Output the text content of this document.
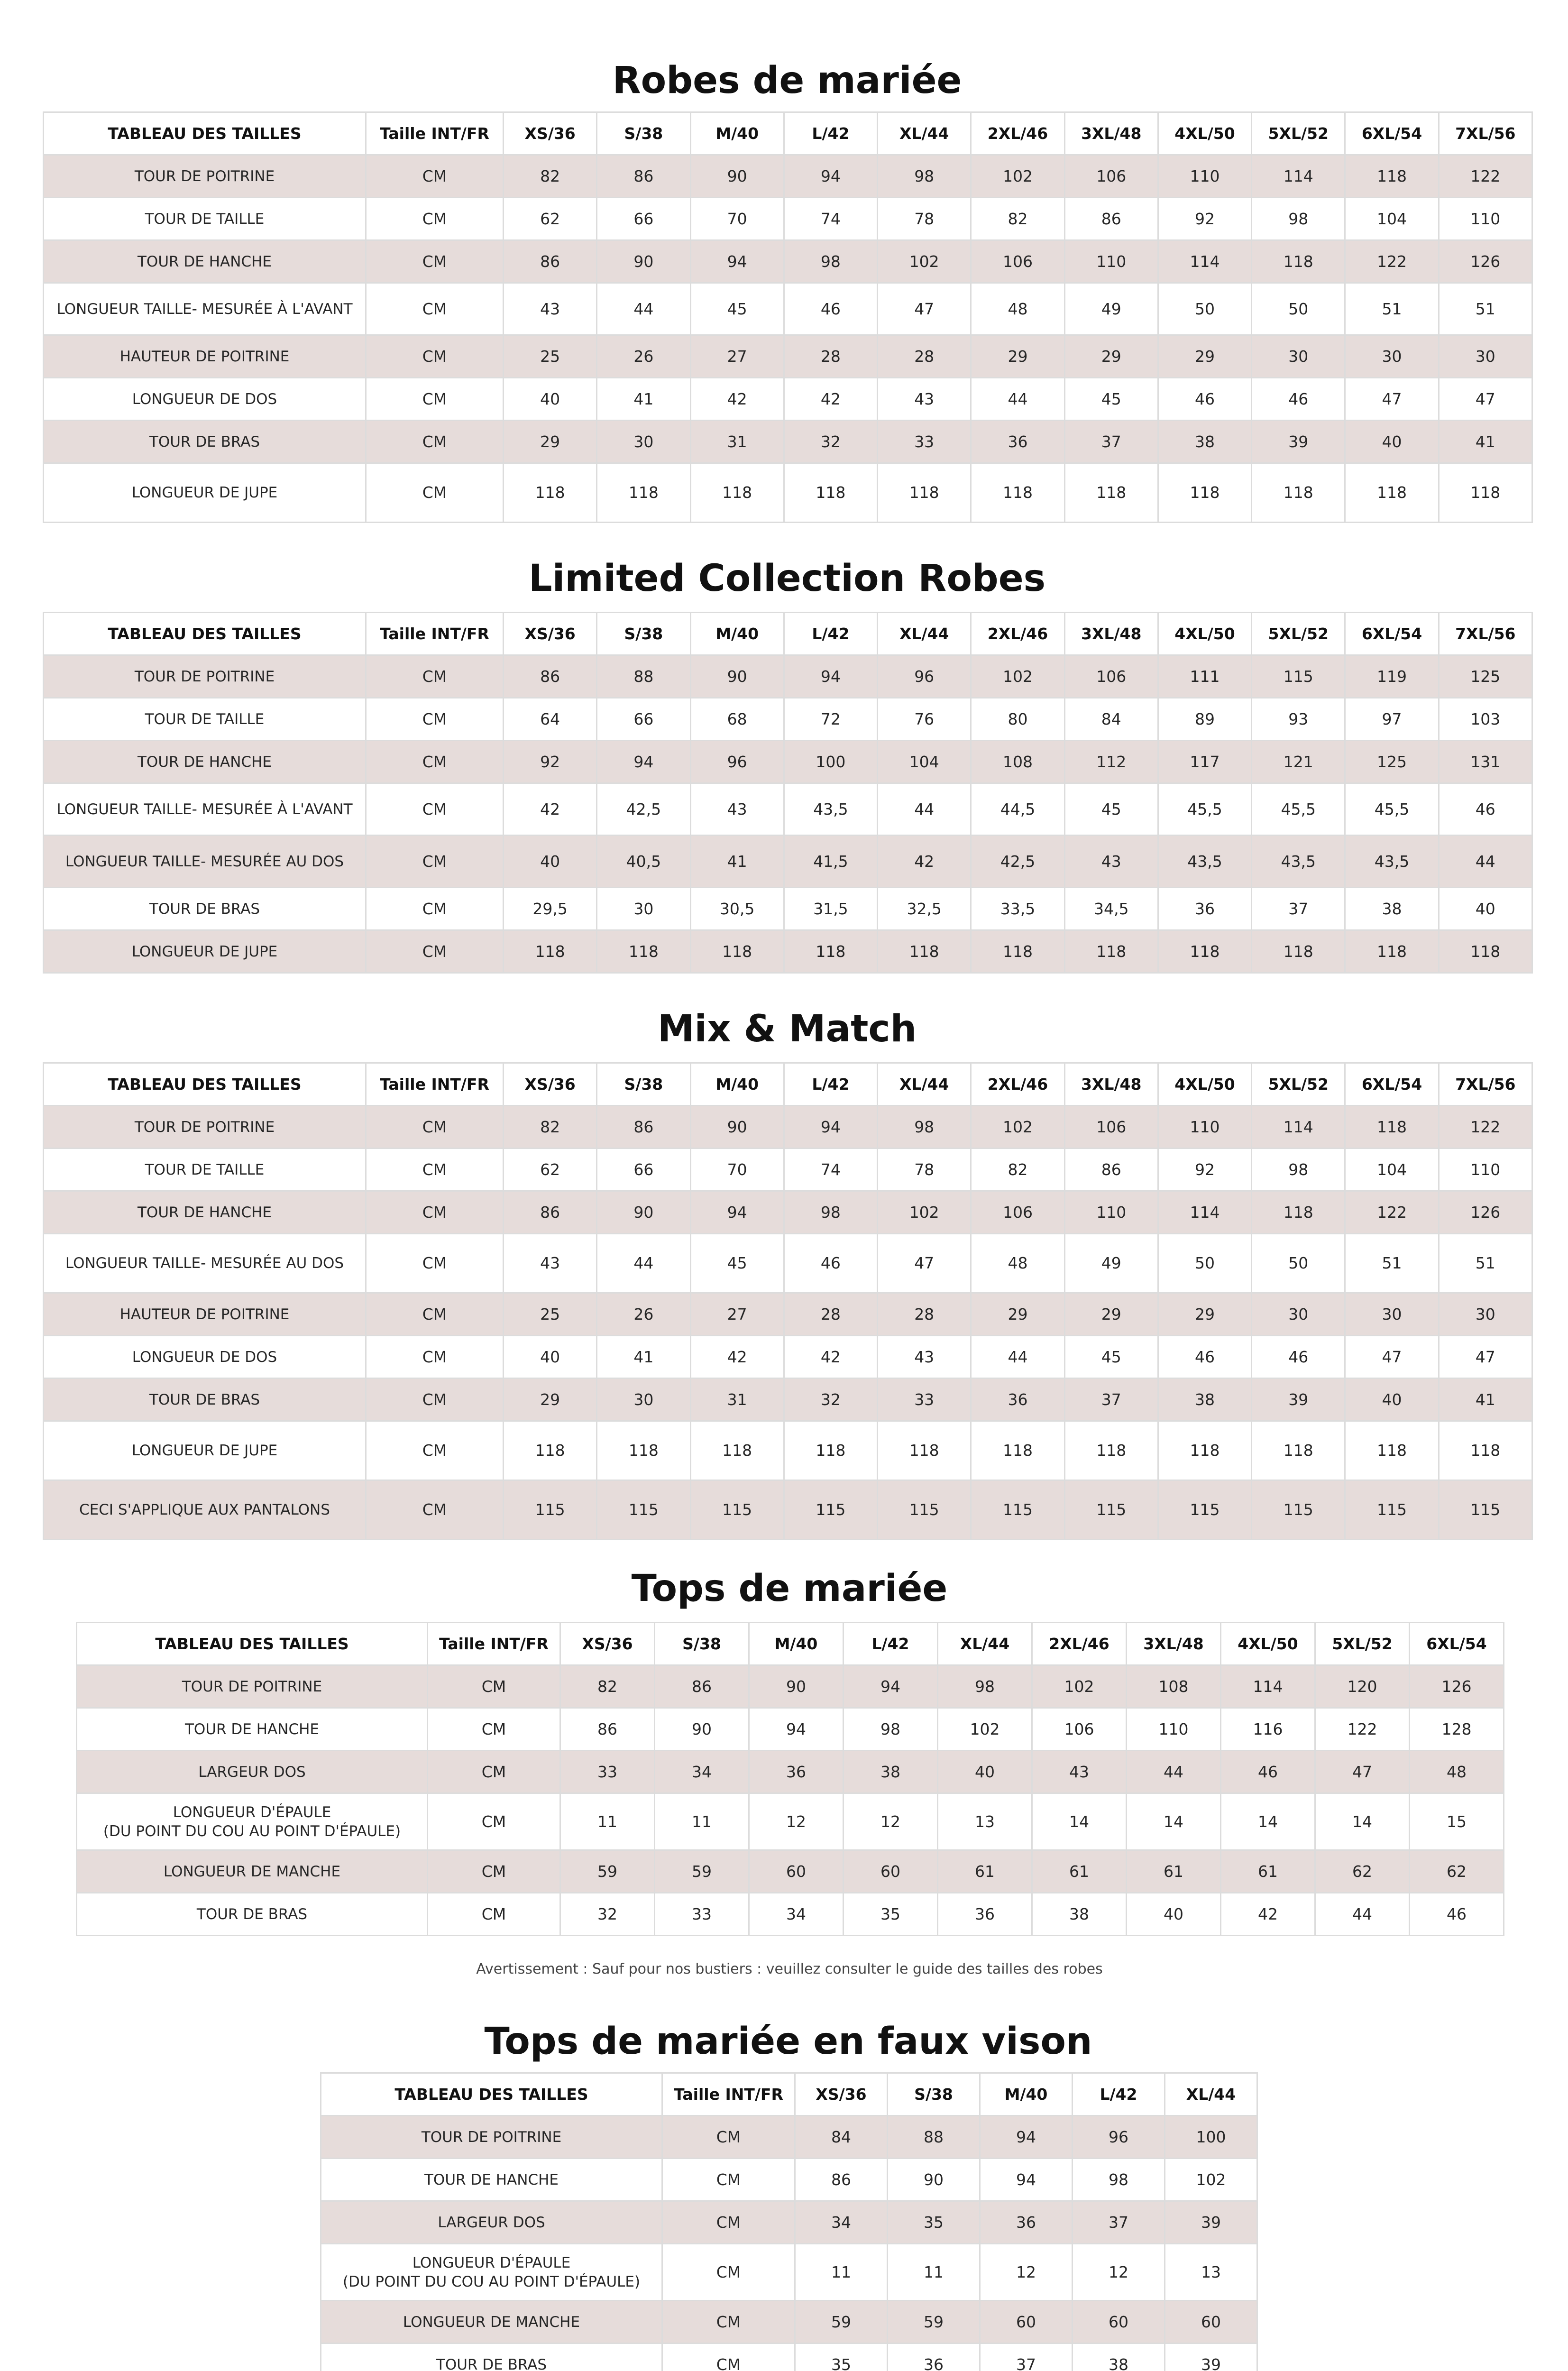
Robes de mariée
TABLEAU DES TAILLES	Taille INT/FR	XS/36	S/38	M/40	L/42	XL/44	2XL/46	3XL/48	4XL/50	5XL/52	6XL/54	7XL/56
TOUR DE POITRINE	CM	82	86	90	94	98	102	106	110	114	118	122
TOUR DE TAILLE	CM	62	66	70	74	78	82	86	92	98	104	110
TOUR DE HANCHE	CM	86	90	94	98	102	106	110	114	118	122	126
LONGUEUR TAILLE- MESURÉE À L'AVANT	CM	43	44	45	46	47	48	49	50	50	51	51
HAUTEUR DE POITRINE	CM	25	26	27	28	28	29	29	29	30	30	30
LONGUEUR DE DOS	CM	40	41	42	42	43	44	45	46	46	47	47
TOUR DE BRAS	CM	29	30	31	32	33	36	37	38	39	40	41
LONGUEUR DE JUPE	CM	118	118	118	118	118	118	118	118	118	118	118
Limited Collection Robes
TABLEAU DES TAILLES	Taille INT/FR	XS/36	S/38	M/40	L/42	XL/44	2XL/46	3XL/48	4XL/50	5XL/52	6XL/54	7XL/56
TOUR DE POITRINE	CM	86	88	90	94	96	102	106	111	115	119	125
TOUR DE TAILLE	CM	64	66	68	72	76	80	84	89	93	97	103
TOUR DE HANCHE	CM	92	94	96	100	104	108	112	117	121	125	131
LONGUEUR TAILLE- MESURÉE À L'AVANT	CM	42	42,5	43	43,5	44	44,5	45	45,5	45,5	45,5	46
LONGUEUR TAILLE- MESURÉE AU DOS	CM	40	40,5	41	41,5	42	42,5	43	43,5	43,5	43,5	44
TOUR DE BRAS	CM	29,5	30	30,5	31,5	32,5	33,5	34,5	36	37	38	40
LONGUEUR DE JUPE	CM	118	118	118	118	118	118	118	118	118	118	118
Mix & Match
TABLEAU DES TAILLES	Taille INT/FR	XS/36	S/38	M/40	L/42	XL/44	2XL/46	3XL/48	4XL/50	5XL/52	6XL/54	7XL/56
TOUR DE POITRINE	CM	82	86	90	94	98	102	106	110	114	118	122
TOUR DE TAILLE	CM	62	66	70	74	78	82	86	92	98	104	110
TOUR DE HANCHE	CM	86	90	94	98	102	106	110	114	118	122	126
LONGUEUR TAILLE- MESURÉE AU DOS	CM	43	44	45	46	47	48	49	50	50	51	51
HAUTEUR DE POITRINE	CM	25	26	27	28	28	29	29	29	30	30	30
LONGUEUR DE DOS	CM	40	41	42	42	43	44	45	46	46	47	47
TOUR DE BRAS	CM	29	30	31	32	33	36	37	38	39	40	41
LONGUEUR DE JUPE	CM	118	118	118	118	118	118	118	118	118	118	118
CECI S'APPLIQUE AUX PANTALONS	CM	115	115	115	115	115	115	115	115	115	115	115
Tops de mariée
TABLEAU DES TAILLES	Taille INT/FR	XS/36	S/38	M/40	L/42	XL/44	2XL/46	3XL/48	4XL/50	5XL/52	6XL/54
TOUR DE POITRINE	CM	82	86	90	94	98	102	108	114	120	126
TOUR DE HANCHE	CM	86	90	94	98	102	106	110	116	122	128
LARGEUR DOS	CM	33	34	36	38	40	43	44	46	47	48
LONGUEUR D'ÉPAULE
(DU POINT DU COU AU POINT D'ÉPAULE)	CM	11	11	12	12	13	14	14	14	14	15
LONGUEUR DE MANCHE	CM	59	59	60	60	61	61	61	61	62	62
TOUR DE BRAS	CM	32	33	34	35	36	38	40	42	44	46
Avertissement : Sauf pour nos bustiers : veuillez consulter le guide des tailles des robes
Tops de mariée en faux vison
TABLEAU DES TAILLES	Taille INT/FR	XS/36	S/38	M/40	L/42	XL/44
TOUR DE POITRINE	CM	84	88	94	96	100
TOUR DE HANCHE	CM	86	90	94	98	102
LARGEUR DOS	CM	34	35	36	37	39
LONGUEUR D'ÉPAULE
(DU POINT DU COU AU POINT D'ÉPAULE)	CM	11	11	12	12	13
LONGUEUR DE MANCHE	CM	59	59	60	60	60
TOUR DE BRAS	CM	35	36	37	38	39
